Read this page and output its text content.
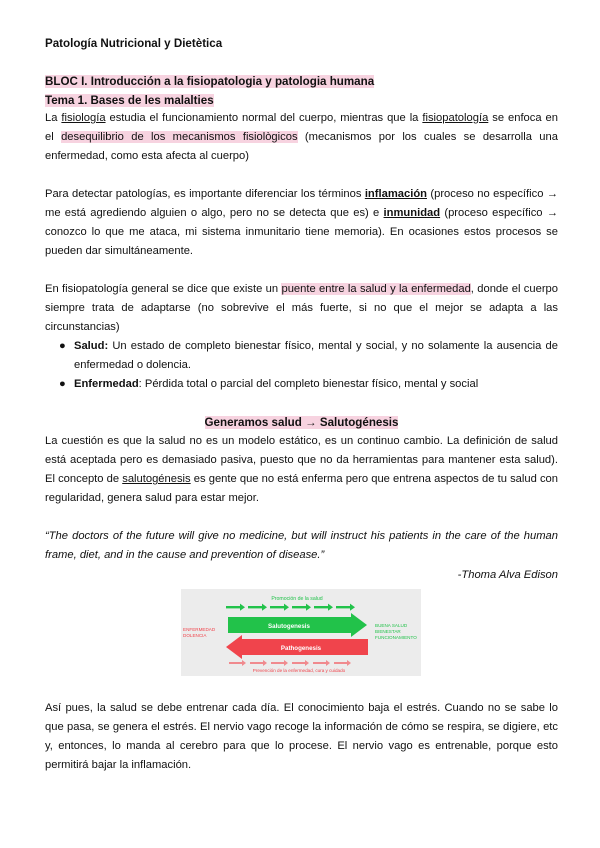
Patología Nutricional y Dietètica
BLOC I. Introducción a la fisiopatologia y patologia humana
Tema 1. Bases de les malalties

La fisiología estudia el funcionamiento normal del cuerpo, mientras que la fisiopatología se enfoca en el desequilibrio de los mecanismos fisiològicos (mecanismos por los cuales se desarrolla una enfermedad, como esta afecta al cuerpo)

Para detectar patologías, es importante diferenciar los términos inflamación (proceso no específico → me está agrediendo alguien o algo, pero no se detecta que es) e inmunidad (proceso específico → conozco lo que me ataca, mi sistema inmunitario tiene memoria). En ocasiones estos procesos se pueden dar simultáneamente.

En fisiopatología general se dice que existe un puente entre la salud y la enfermedad, donde el cuerpo siempre trata de adaptarse (no sobrevive el más fuerte, si no que el mejor se adapta a las circunstancias)

● Salud: Un estado de completo bienestar físico, mental y social, y no solamente la ausencia de enfermedad o dolencia.
● Enfermedad: Pérdida total o parcial del completo bienestar físico, mental y social
Generamos salud → Salutogénesis

La cuestión es que la salud no es un modelo estático, es un continuo cambio. La definición de salud está aceptada pero es demasiado pasiva, puesto que no da herramientas para mantener esta salud). El concepto de salutogénesis es gente que no está enferma pero que entrena aspectos de tu salud con regularidad, genera salud para estar mejor.

“The doctors of the future will give no medicine, but will instruct his patients in the care of the human frame, diet, and in the cause and prevention of disease.”
-Thoma Alva Edison
Promoción de la salud
Salutogenesis
Pathogenesis
Prevención de la enfermedad, cura y cuidado
ENFERMEDAD
DOLENCIA
BUENA SALUD
BIENESTAR
FUNCIONAMIENTO

Así pues, la salud se debe entrenar cada día. El conocimiento baja el estrés. Cuando no se sabe lo que pasa, se genera el estrés. El nervio vago recoge la información de cómo se respira, se digiere, etc y, entonces, lo manda al cerebro para que lo procese. El nervio vago es entrenable, porque esto permitirá bajar la inflamación.
